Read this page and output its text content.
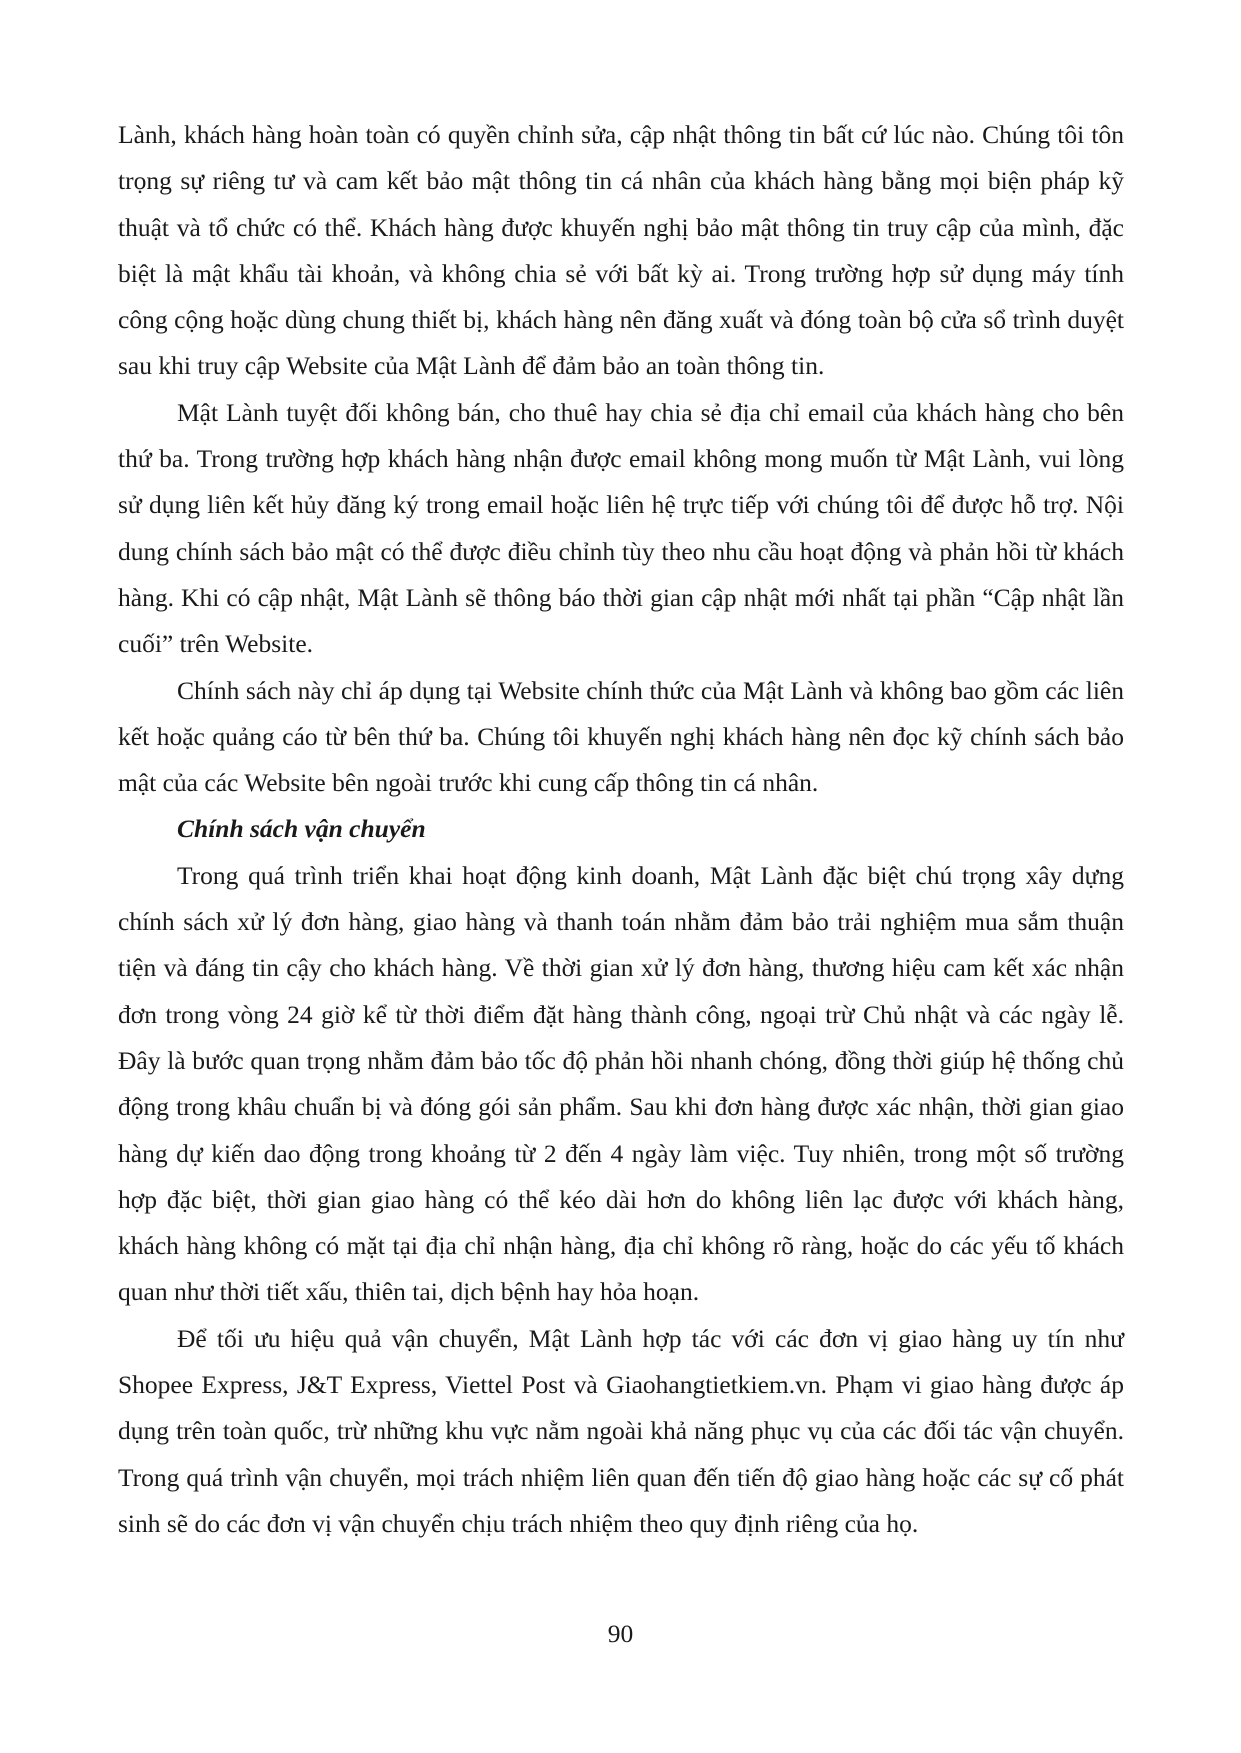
Lành, khách hàng hoàn toàn có quyền chỉnh sửa, cập nhật thông tin bất cứ lúc nào. Chúng tôi tôn trọng sự riêng tư và cam kết bảo mật thông tin cá nhân của khách hàng bằng mọi biện pháp kỹ thuật và tổ chức có thể. Khách hàng được khuyến nghị bảo mật thông tin truy cập của mình, đặc biệt là mật khẩu tài khoản, và không chia sẻ với bất kỳ ai. Trong trường hợp sử dụng máy tính công cộng hoặc dùng chung thiết bị, khách hàng nên đăng xuất và đóng toàn bộ cửa sổ trình duyệt sau khi truy cập Website của Mật Lành để đảm bảo an toàn thông tin.

Mật Lành tuyệt đối không bán, cho thuê hay chia sẻ địa chỉ email của khách hàng cho bên thứ ba. Trong trường hợp khách hàng nhận được email không mong muốn từ Mật Lành, vui lòng sử dụng liên kết hủy đăng ký trong email hoặc liên hệ trực tiếp với chúng tôi để được hỗ trợ. Nội dung chính sách bảo mật có thể được điều chỉnh tùy theo nhu cầu hoạt động và phản hồi từ khách hàng. Khi có cập nhật, Mật Lành sẽ thông báo thời gian cập nhật mới nhất tại phần “Cập nhật lần cuối” trên Website.

Chính sách này chỉ áp dụng tại Website chính thức của Mật Lành và không bao gồm các liên kết hoặc quảng cáo từ bên thứ ba. Chúng tôi khuyến nghị khách hàng nên đọc kỹ chính sách bảo mật của các Website bên ngoài trước khi cung cấp thông tin cá nhân.

Chính sách vận chuyển

Trong quá trình triển khai hoạt động kinh doanh, Mật Lành đặc biệt chú trọng xây dựng chính sách xử lý đơn hàng, giao hàng và thanh toán nhằm đảm bảo trải nghiệm mua sắm thuận tiện và đáng tin cậy cho khách hàng. Về thời gian xử lý đơn hàng, thương hiệu cam kết xác nhận đơn trong vòng 24 giờ kể từ thời điểm đặt hàng thành công, ngoại trừ Chủ nhật và các ngày lễ. Đây là bước quan trọng nhằm đảm bảo tốc độ phản hồi nhanh chóng, đồng thời giúp hệ thống chủ động trong khâu chuẩn bị và đóng gói sản phẩm. Sau khi đơn hàng được xác nhận, thời gian giao hàng dự kiến dao động trong khoảng từ 2 đến 4 ngày làm việc. Tuy nhiên, trong một số trường hợp đặc biệt, thời gian giao hàng có thể kéo dài hơn do không liên lạc được với khách hàng, khách hàng không có mặt tại địa chỉ nhận hàng, địa chỉ không rõ ràng, hoặc do các yếu tố khách quan như thời tiết xấu, thiên tai, dịch bệnh hay hỏa hoạn.

Để tối ưu hiệu quả vận chuyển, Mật Lành hợp tác với các đơn vị giao hàng uy tín như Shopee Express, J&T Express, Viettel Post và Giaohangtietkiem.vn. Phạm vi giao hàng được áp dụng trên toàn quốc, trừ những khu vực nằm ngoài khả năng phục vụ của các đối tác vận chuyển. Trong quá trình vận chuyển, mọi trách nhiệm liên quan đến tiến độ giao hàng hoặc các sự cố phát sinh sẽ do các đơn vị vận chuyển chịu trách nhiệm theo quy định riêng của họ.

90
